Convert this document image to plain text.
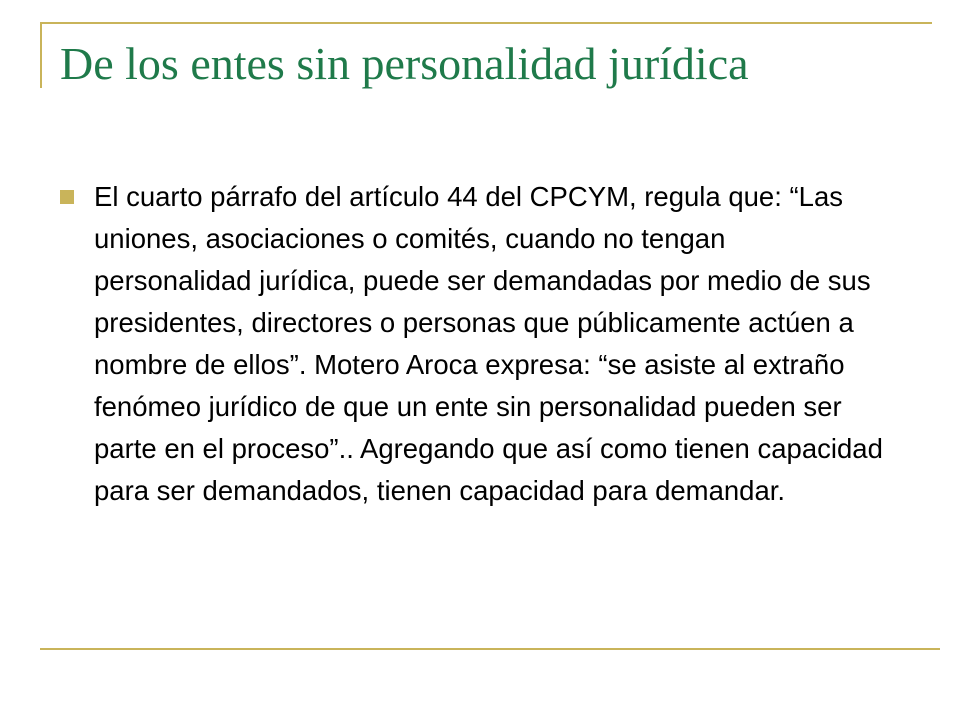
De los entes sin personalidad jurídica

El cuarto párrafo del artículo 44 del CPCYM, regula que: “Las uniones, asociaciones o comités, cuando no tengan personalidad jurídica, puede ser demandadas por medio de sus presidentes, directores o personas que públicamente actúen a nombre de ellos”. Motero Aroca expresa: “se asiste al extraño fenómeo jurídico de que un ente sin personalidad pueden ser parte en el proceso”.. Agregando que así como tienen capacidad para ser demandados, tienen capacidad para demandar.
